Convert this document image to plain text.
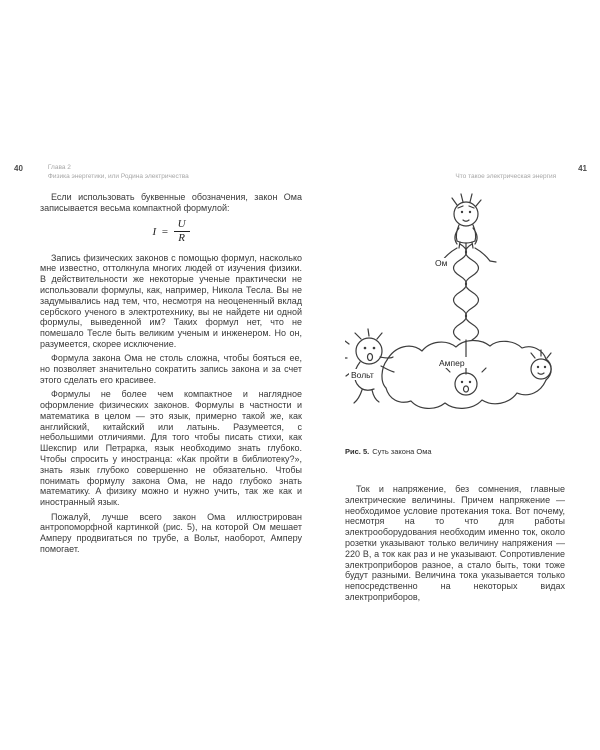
40	Глава 2
Физика энергетики, или Родина электричества	Что такое электрическая энергия
41

Если использовать буквенные обозначения, закон Ома записывается весьма компактной формулой:

$I = \frac{U}{R}$

Запись физических законов с помощью формул, насколько мне известно, оттолкнула многих людей от изучения физики. В действительности же некоторые ученые практически не использовали формулы, как, например, Никола Тесла. Вы не задумывались над тем, что, несмотря на неоцененный вклад сербского ученого в электротехнику, вы не найдете ни одной формулы, выведенной им? Таких формул нет, что не помешало Тесле быть великим ученым и инженером. Но он, разумеется, скорее исключение.

Формула закона Ома не столь сложна, чтобы бояться ее, но позволяет значительно сократить запись закона и за счет этого сделать его красивее.

Формулы не более чем компактное и наглядное оформление физических законов. Формулы в частности и математика в целом — это язык, примерно такой же, как английский, китайский или латынь. Разумеется, с небольшими отличиями. Для того чтобы писать стихи, как Шекспир или Петрарка, язык необходимо знать глубоко. Чтобы спросить у иностранца: «Как пройти в библиотеку?», знать язык глубоко совершенно не обязательно. Чтобы понимать формулу закона Ома, не надо глубоко знать математику. А физику можно и нужно учить, так же как и иностранный язык.

Пожалуй, лучше всего закон Ома иллюстрирован антропоморфной картинкой (рис. 5), на которой Ом мешает Амперу продвигаться по трубе, а Вольт, наоборот, Амперу помогает.

Ом
Вольт
Ампер
Рис. 5. Суть закона Ома

Ток и напряжение, без сомнения, главные электрические величины. Причем напряжение — необходимое условие протекания тока. Вот почему, несмотря на то что для работы электрооборудования необходим именно ток, около розетки указывают только величину напряжения — 220 В, а ток как раз и не указывают. Сопротивление электроприборов разное, а стало быть, токи тоже будут разными. Величина тока указывается только непосредственно на некоторых видах электроприборов,
